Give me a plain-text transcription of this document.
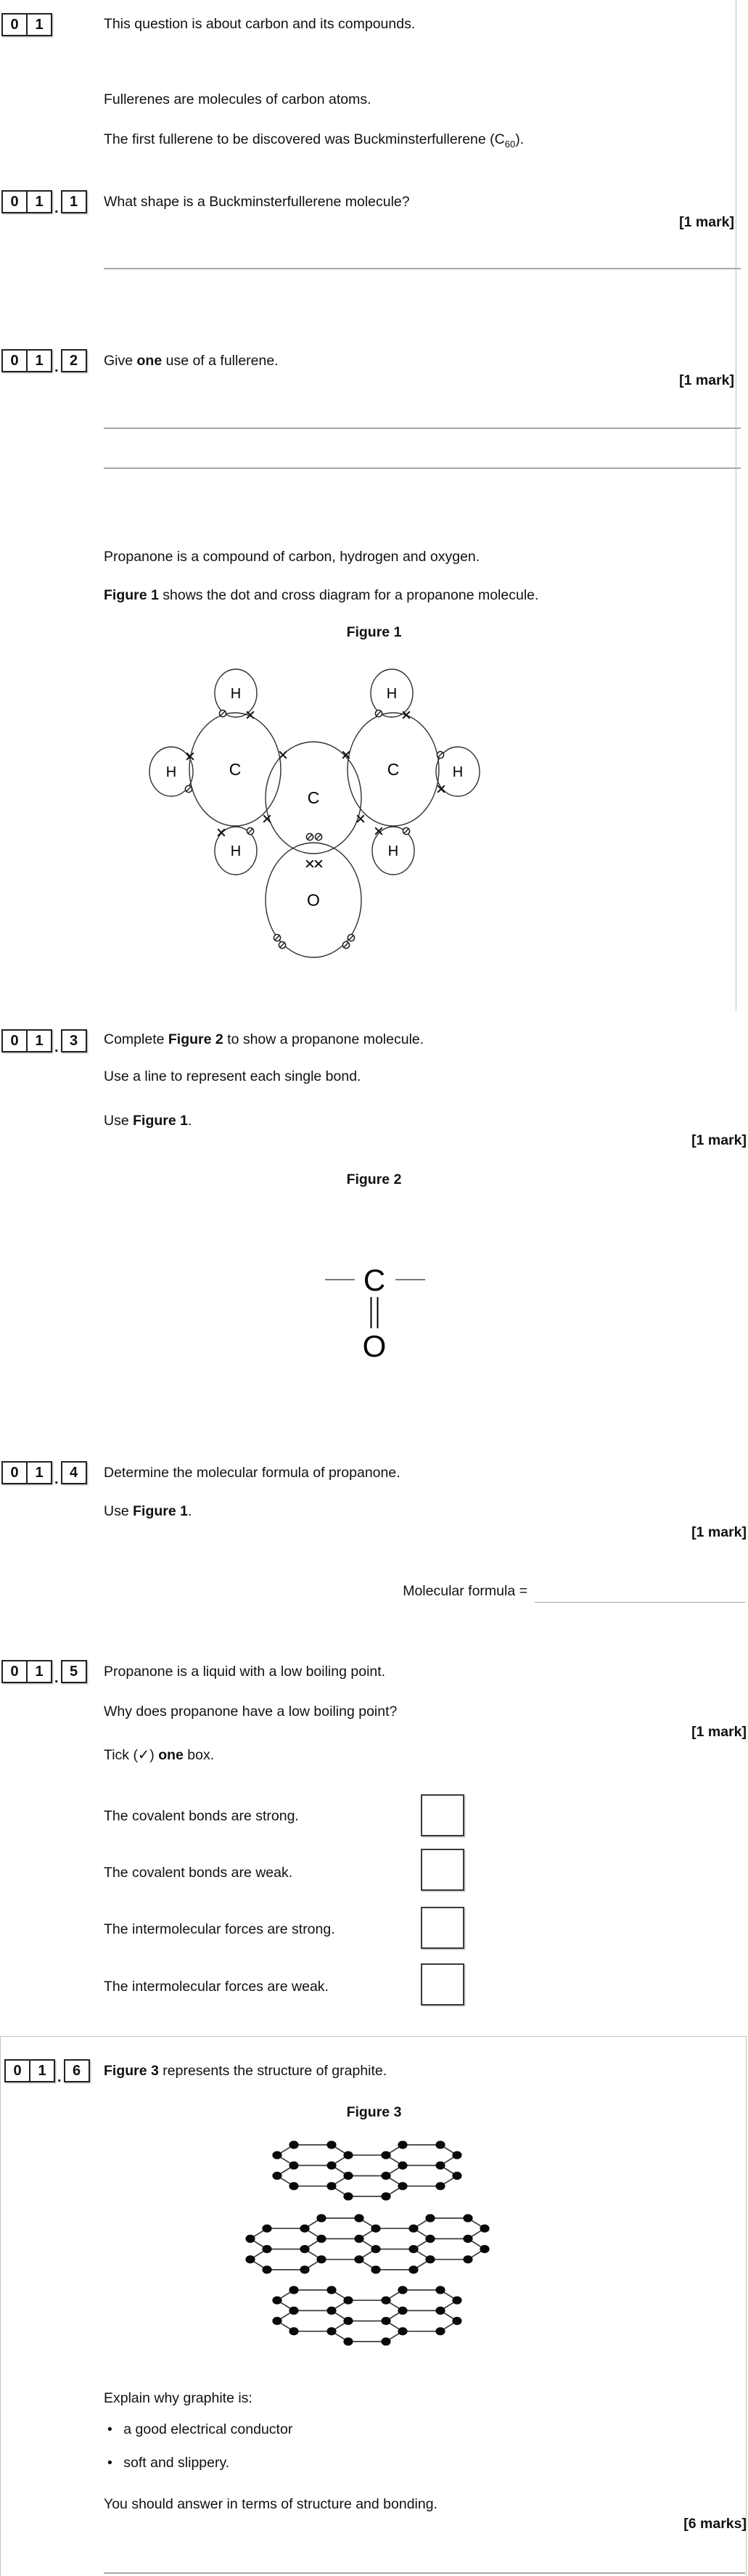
0	1	This question is about carbon and its compounds.
Fullerenes are molecules of carbon atoms.
The first fullerene to be discovered was Buckminsterfullerene $(C_{60})$.
0	1 . 1	What shape is a Buckminsterfullerene molecule?
[1 mark]
0	1 . 2	Give one use of a fullerene.
[1 mark]
Propanone is a compound of carbon, hydrogen and oxygen.
Figure 1 shows the dot and cross diagram for a propanone molecule.
Figure 1
H	H
H	H
H	H
C	C
C
O
0	1 . 3	Complete Figure 2 to show a propanone molecule.
Use a line to represent each single bond.
Use Figure 1.
[1 mark]
Figure 2
C
O
0	1 . 4	Determine the molecular formula of propanone.
Use Figure 1.
[1 mark]
Molecular formula =
0	1 . 5	Propanone is a liquid with a low boiling point.
Why does propanone have a low boiling point?
[1 mark]
Tick (✓) one box.
The covalent bonds are strong.
The covalent bonds are weak.
The intermolecular forces are strong.
The intermolecular forces are weak.
0	1 . 6	Figure 3 represents the structure of graphite.
Figure 3
Explain why graphite is:
• a good electrical conductor
• soft and slippery.
You should answer in terms of structure and bonding.
[6 marks]
